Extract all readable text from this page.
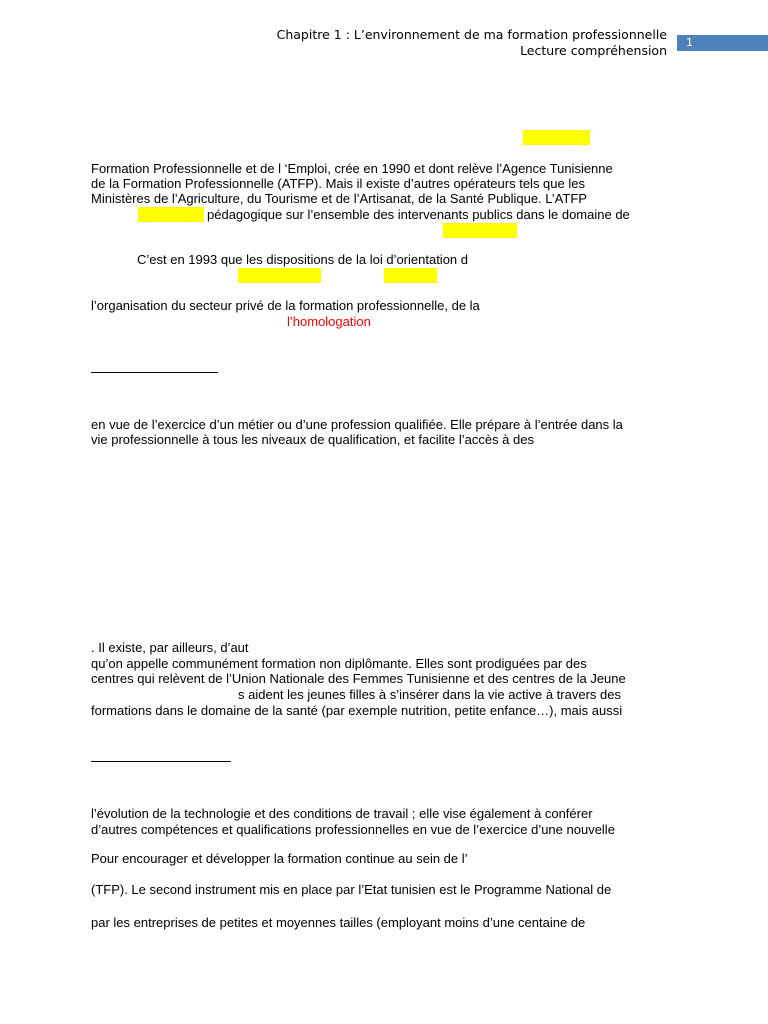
Chapitre 1 : L’environnement de ma formation professionnelle
Lecture compréhension
1
Formation Professionnelle et de l ‘Emploi, crée en 1990 et dont relève l’Agence Tunisienne
de la Formation Professionnelle (ATFP). Mais il existe d’autres opérateurs tels que les
Ministères de l’Agriculture, du Tourisme et de l’Artisanat, de la Santé Publique. L’ATFP
pédagogique sur l’ensemble des intervenants publics dans le domaine de
C’est en 1993 que les dispositions de la loi d’orientation d
l’organisation du secteur privé de la formation professionnelle, de la
l’homologation
en vue de l’exercice d’un métier ou d’une profession qualifiée. Elle prépare à l’entrée dans la
vie professionnelle à tous les niveaux de qualification, et facilite l’accès à des
. Il existe, par ailleurs, d’aut
qu’on appelle communément formation non diplômante. Elles sont prodiguées par des
centres qui relèvent de l’Union Nationale des Femmes Tunisienne et des centres de la Jeune
s aident les jeunes filles à s’insérer dans la vie active à travers des
formations dans le domaine de la santé (par exemple nutrition, petite enfance…), mais aussi
l’évolution de la technologie et des conditions de travail ; elle vise également à conférer
d’autres compétences et qualifications professionnelles en vue de l’exercice d’une nouvelle
Pour encourager et développer la formation continue au sein de l’
(TFP). Le second instrument mis en place par l’Etat tunisien est le Programme National de
par les entreprises de petites et moyennes tailles (employant moins d’une centaine de
